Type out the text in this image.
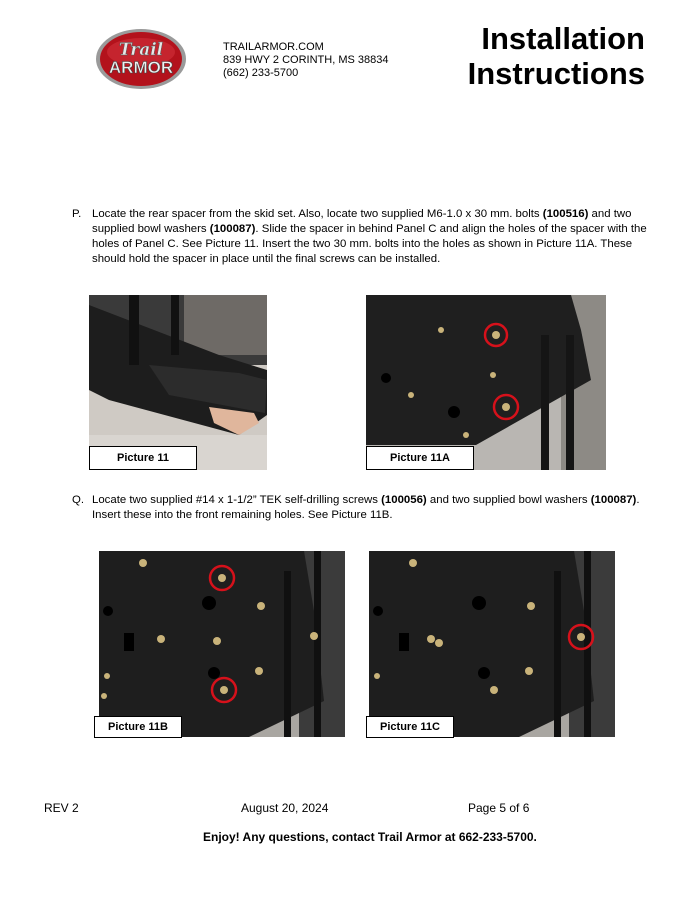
Trail
ARMOR
TRAILARMOR.COM
839 HWY 2 CORINTH, MS 38834
(662) 233-5700
Installation
Instructions
P. Locate the rear spacer from the skid set. Also, locate two supplied M6-1.0 x 30 mm. bolts (100516) and two supplied bowl washers (100087). Slide the spacer in behind Panel C and align the holes of the spacer with the holes of Panel C. See Picture 11. Insert the two 30 mm. bolts into the holes as shown in Picture 11A. These should hold the spacer in place until the final screws can be installed.
Picture 11	Picture 11A
Q. Locate two supplied #14 x 1-1/2” TEK self-drilling screws (100056) and two supplied bowl washers (100087). Insert these into the front remaining holes. See Picture 11B.
Picture 11B	Picture 11C
REV 2	August 20, 2024	Page 5 of 6
Enjoy! Any questions, contact Trail Armor at 662-233-5700.
